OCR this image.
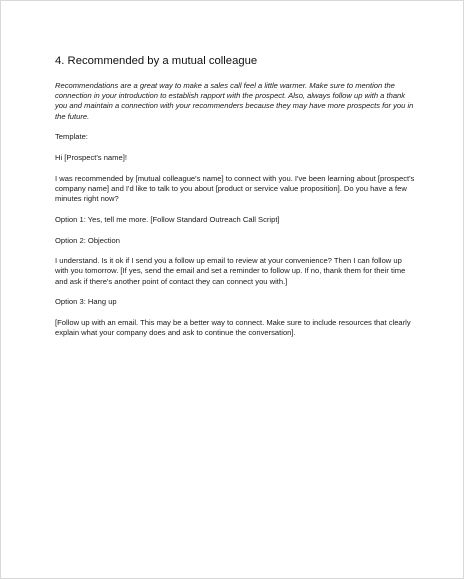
4. Recommended by a mutual colleague

Recommendations are a great way to make a sales call feel a little warmer. Make sure to mention the connection in your introduction to establish rapport with the prospect. Also, always follow up with a thank you and maintain a connection with your recommenders because they may have more prospects for you in the future.

Template:

Hi [Prospect's name]!

I was recommended by [mutual colleague's name] to connect with you. I've been learning about [prospect's company name] and I'd like to talk to you about [product or service value proposition]. Do you have a few minutes right now?

Option 1: Yes, tell me more. [Follow Standard Outreach Call Script]

Option 2: Objection

I understand. Is it ok if I send you a follow up email to review at your convenience? Then I can follow up with you tomorrow. [If yes, send the email and set a reminder to follow up. If no, thank them for their time and ask if there's another point of contact they can connect you with.]

Option 3: Hang up

[Follow up with an email. This may be a better way to connect. Make sure to include resources that clearly explain what your company does and ask to continue the conversation].
